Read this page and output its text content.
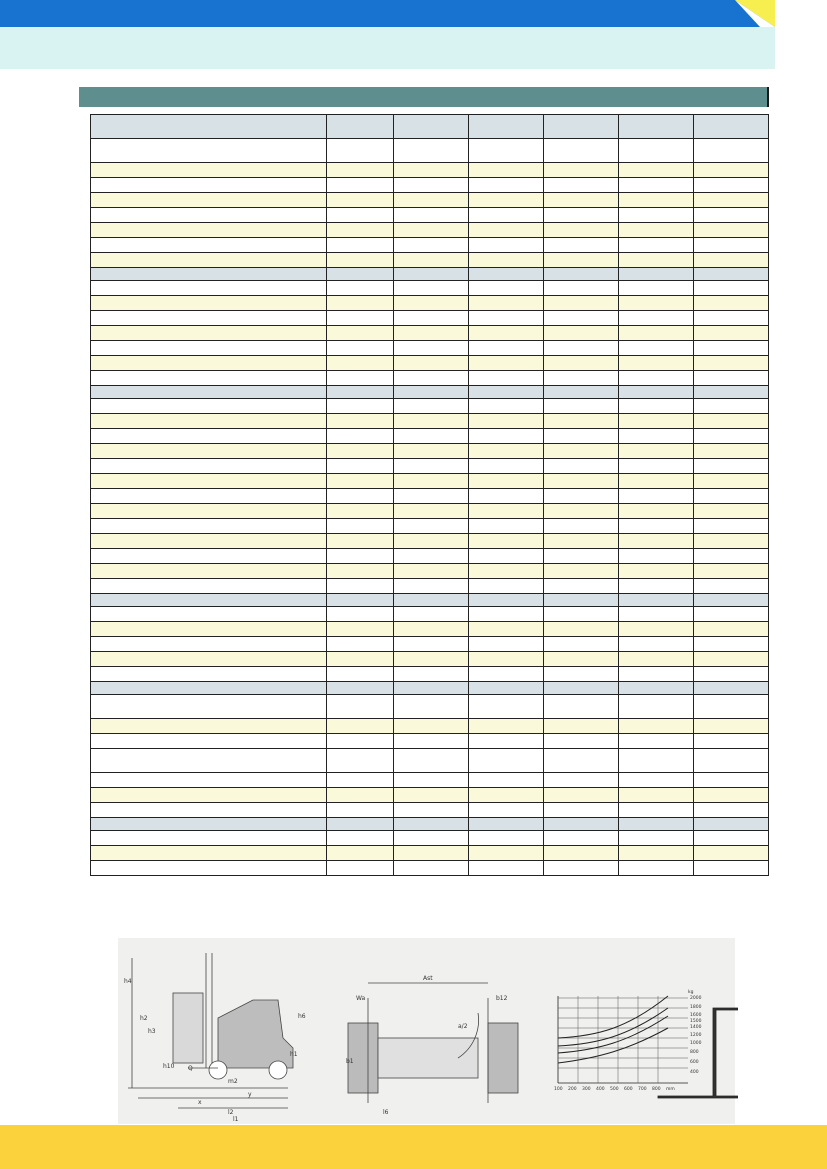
h4
h2
h3
h6
h1
h10 Q
m2
y
x
l2
l1
Ast
Wa	b12
b1
a/2
l6
kg
2000
1800
1600
1500
1400
1200
1000
800
600
400
100 200 300 400 500 600 700 800 mm
